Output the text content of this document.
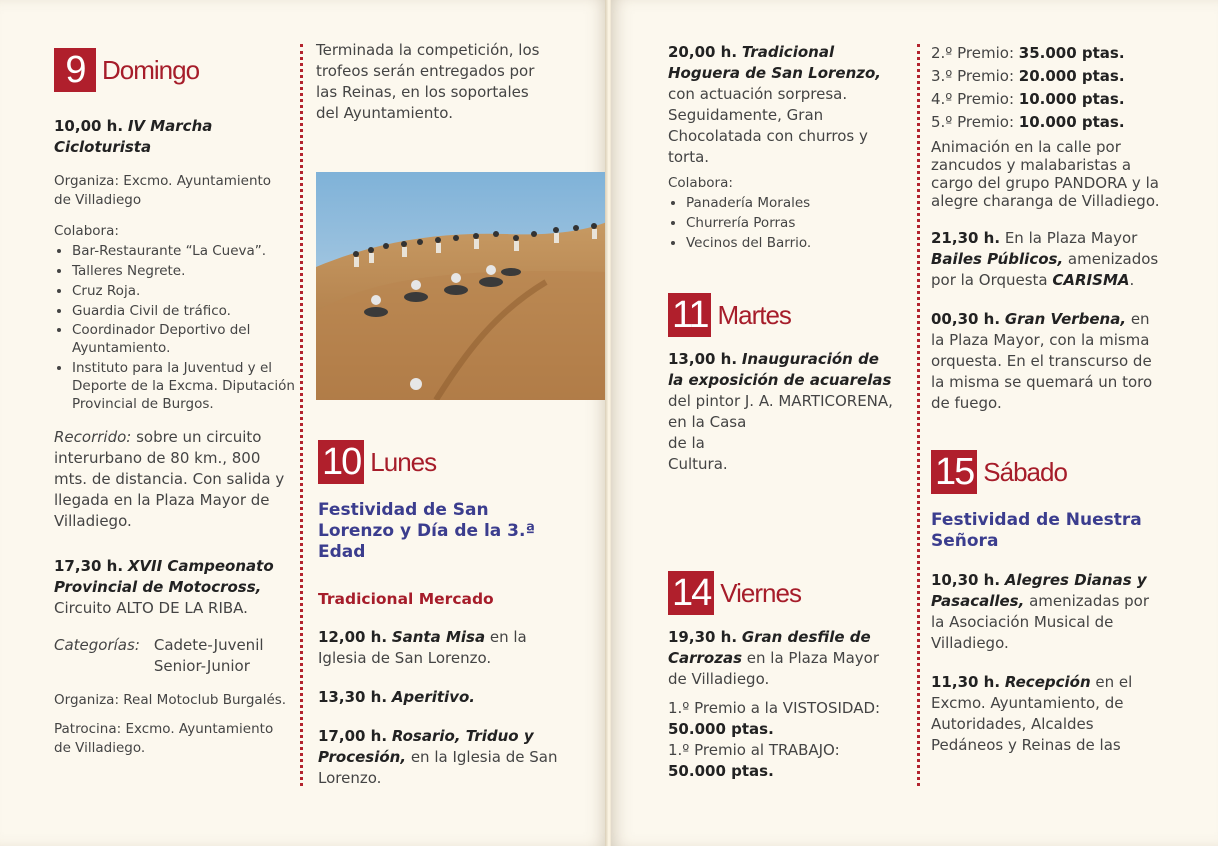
9 Domingo

10,00 h. IV Marcha Cicloturista

Organiza: Excmo. Ayuntamiento de Villadiego

Colabora:

• Bar-Restaurante “La Cueva”.
• Talleres Negrete.
• Cruz Roja.
• Guardia Civil de tráfico.
• Coordinador Deportivo del Ayuntamiento.
• Instituto para la Juventud y el Deporte de la Excma. Diputación Provincial de Burgos.

Recorrido: sobre un circuito interurbano de 80 km., 800 mts. de distancia. Con salida y llegada en la Plaza Mayor de Villadiego.

17,30 h. XVII Campeonato Provincial de Motocross, Circuito ALTO DE LA RIBA.

Categorías: Cadete-Juvenil
Senior-Junior

Organiza: Real Motoclub Burgalés.

Patrocina: Excmo. Ayuntamiento de Villadiego.

Terminada la competición, los trofeos serán entregados por las Reinas, en los soportales del Ayuntamiento.

10 Lunes

Festividad de San Lorenzo y Día de la 3.ª Edad

Tradicional Mercado

12,00 h. Santa Misa en la Iglesia de San Lorenzo.

13,30 h. Aperitivo.

17,00 h. Rosario, Triduo y Procesión, en la Iglesia de San Lorenzo.

20,00 h. Tradicional Hoguera de San Lorenzo, con actuación sorpresa. Seguidamente, Gran Chocolatada con churros y torta.

Colabora:

• Panadería Morales
• Churrería Porras
• Vecinos del Barrio.
11 Martes

13,00 h. Inauguración de la exposición de acuarelas del pintor J. A. MARTICORENA,

en la Casa

de la

Cultura.

14 Viernes

19,30 h. Gran desfile de Carrozas en la Plaza Mayor de Villadiego.

1.º Premio a la VISTOSIDAD:

50.000 ptas.

1.º Premio al TRABAJO:

50.000 ptas.

2.º Premio: 35.000 ptas.

3.º Premio: 20.000 ptas.

4.º Premio: 10.000 ptas.

5.º Premio: 10.000 ptas.

Animación en la calle por zancudos y malabaristas a cargo del grupo PANDORA y la alegre charanga de Villadiego.

21,30 h. En la Plaza Mayor Bailes Públicos, amenizados por la Orquesta CARISMA.

00,30 h. Gran Verbena, en la Plaza Mayor, con la misma orquesta. En el transcurso de la misma se quemará un toro de fuego.

15 Sábado

Festividad de Nuestra Señora

10,30 h. Alegres Dianas y Pasacalles, amenizadas por la Asociación Musical de Villadiego.

11,30 h. Recepción en el Excmo. Ayuntamiento, de Autoridades, Alcaldes Pedáneos y Reinas de las
